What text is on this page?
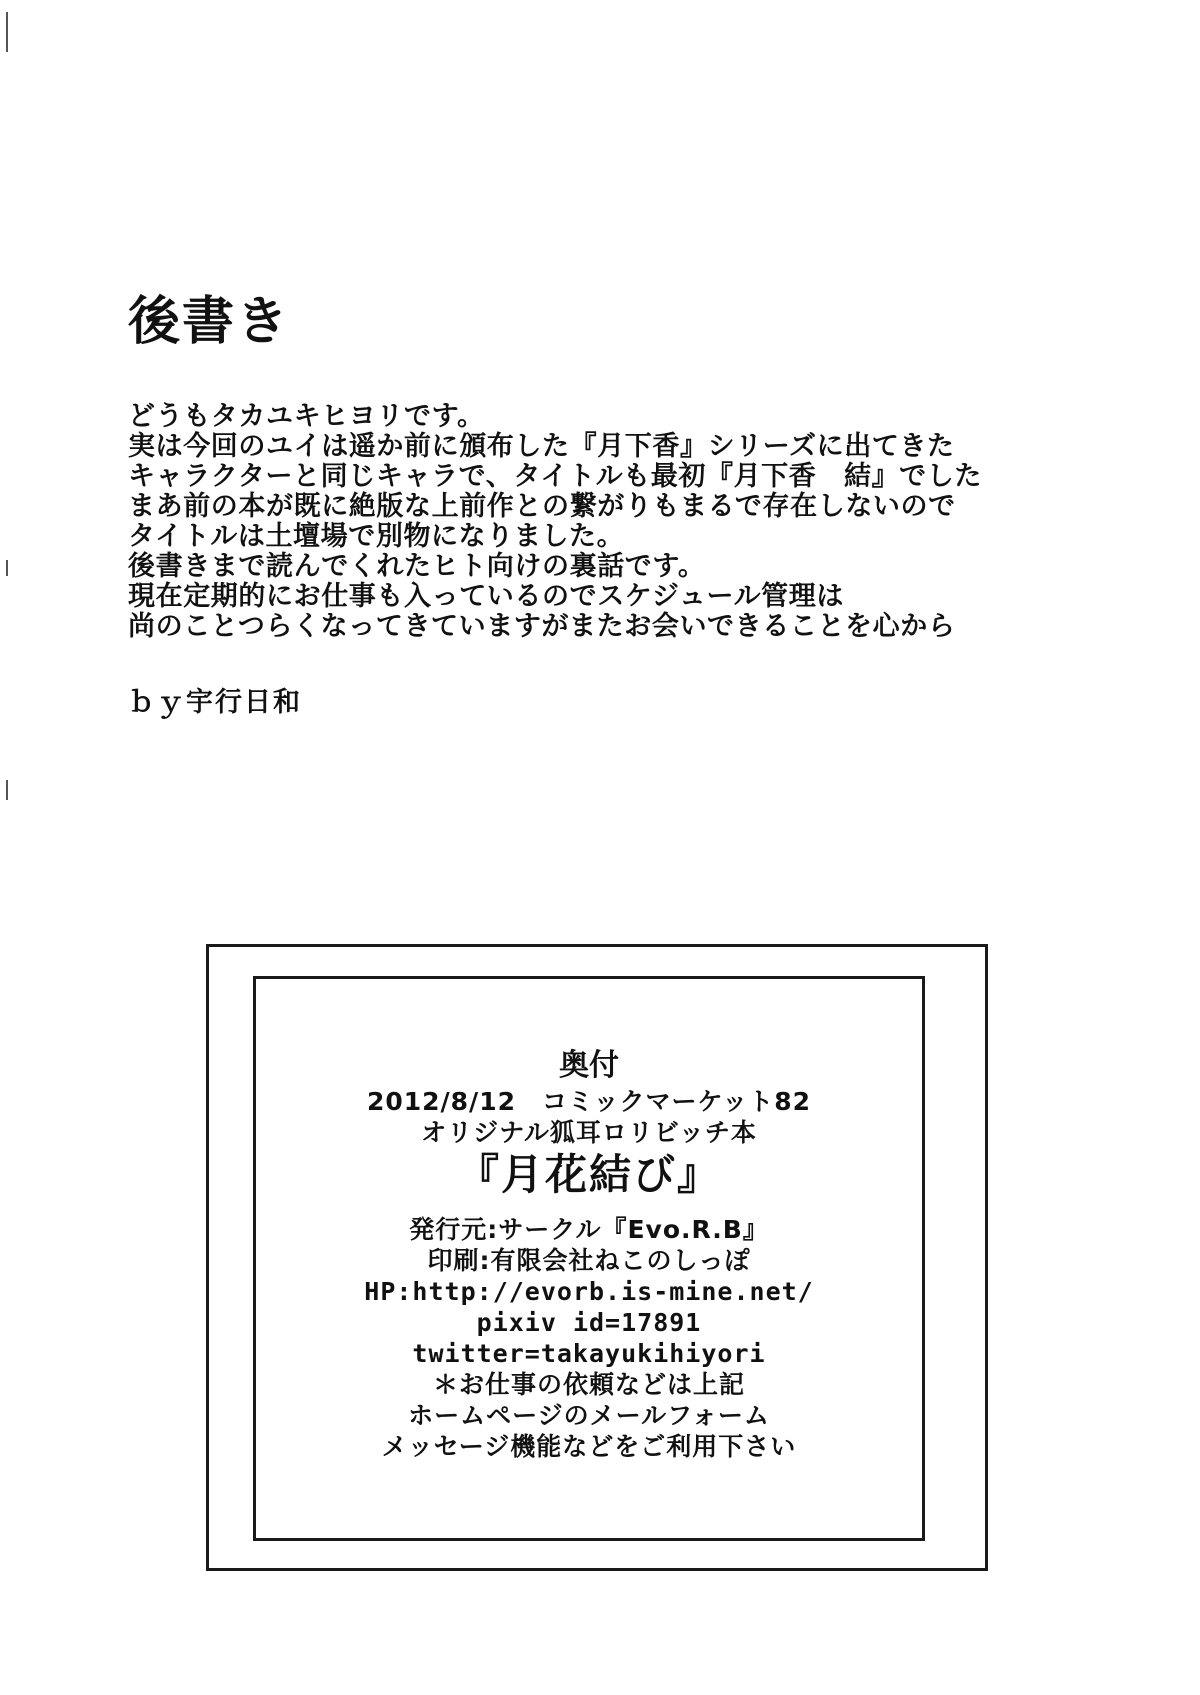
後書き
どうもタカユキヒヨリです。
実は今回のユイは遥か前に頒布した『月下香』シリーズに出てきた
キャラクターと同じキャラで、タイトルも最初『月下香　結』でした
まあ前の本が既に絶版な上前作との繋がりもまるで存在しないので
タイトルは土壇場で別物になりました。
後書きまで読んでくれたヒト向けの裏話です。
現在定期的にお仕事も入っているのでスケジュール管理は
尚のことつらくなってきていますがまたお会いできることを心から
ｂｙ宇行日和
奥付
2012/8/12　コミックマーケット82
オリジナル狐耳ロリビッチ本
『月花結び』
発行元:サークル『Evo.R.B』
印刷:有限会社ねこのしっぽ
HP:http://evorb.is-mine.net/
pixiv id=17891
twitter=takayukihiyori
＊お仕事の依頼などは上記
ホームページのメールフォーム
メッセージ機能などをご利用下さい
